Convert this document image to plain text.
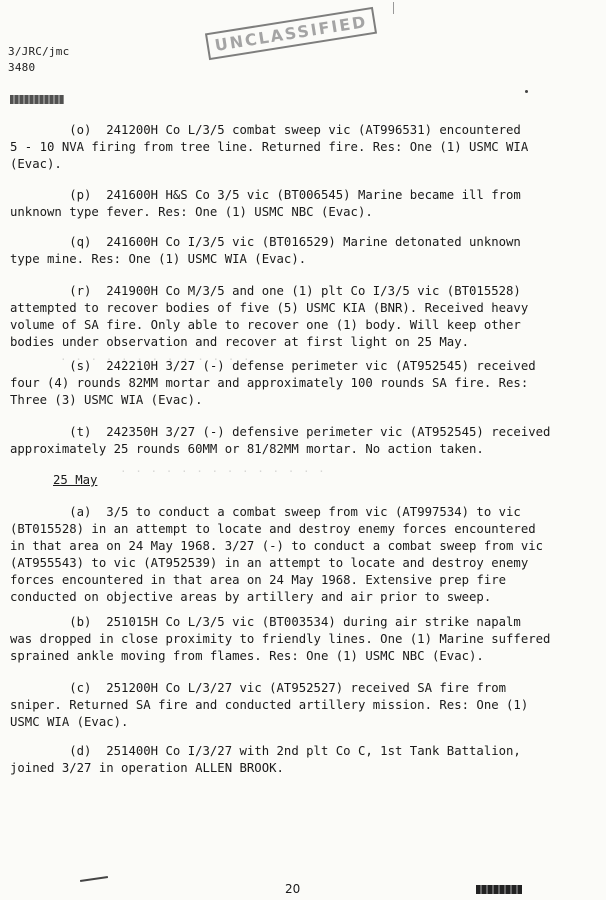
3/JRC/jmc
3480
UNCLASSIFIED
(o)  241200H Co L/3/5 combat sweep vic (AT996531) encountered
5 - 10 NVA firing from tree line. Returned fire. Res: One (1) USMC WIA
(Evac).
(p)  241600H H&S Co 3/5 vic (BT006545) Marine became ill from
unknown type fever. Res: One (1) USMC NBC (Evac).
(q)  241600H Co I/3/5 vic (BT016529) Marine detonated unknown
type mine. Res: One (1) USMC WIA (Evac).
(r)  241900H Co M/3/5 and one (1) plt Co I/3/5 vic (BT015528)
attempted to recover bodies of five (5) USMC KIA (BNR). Received heavy
volume of SA fire. Only able to recover one (1) body. Will keep other
bodies under observation and recover at first light on 25 May.
(s)  242210H 3/27 (-) defense perimeter vic (AT952545) received
four (4) rounds 82MM mortar and approximately 100 rounds SA fire. Res:
Three (3) USMC WIA (Evac).
(t)  242350H 3/27 (-) defensive perimeter vic (AT952545) received
approximately 25 rounds 60MM or 81/82MM mortar. No action taken.
. . . . . . . . . . . . .
. . . . . . . . . . . . . .
25 May
(a)  3/5 to conduct a combat sweep from vic (AT997534) to vic
(BT015528) in an attempt to locate and destroy enemy forces encountered
in that area on 24 May 1968. 3/27 (-) to conduct a combat sweep from vic
(AT955543) to vic (AT952539) in an attempt to locate and destroy enemy
forces encountered in that area on 24 May 1968. Extensive prep fire
conducted on objective areas by artillery and air prior to sweep.
(b)  251015H Co L/3/5 vic (BT003534) during air strike napalm
was dropped in close proximity to friendly lines. One (1) Marine suffered
sprained ankle moving from flames. Res: One (1) USMC NBC (Evac).
(c)  251200H Co L/3/27 vic (AT952527) received SA fire from
sniper. Returned SA fire and conducted artillery mission. Res: One (1)
USMC WIA (Evac).
(d)  251400H Co I/3/27 with 2nd plt Co C, 1st Tank Battalion,
joined 3/27 in operation ALLEN BROOK.
20
